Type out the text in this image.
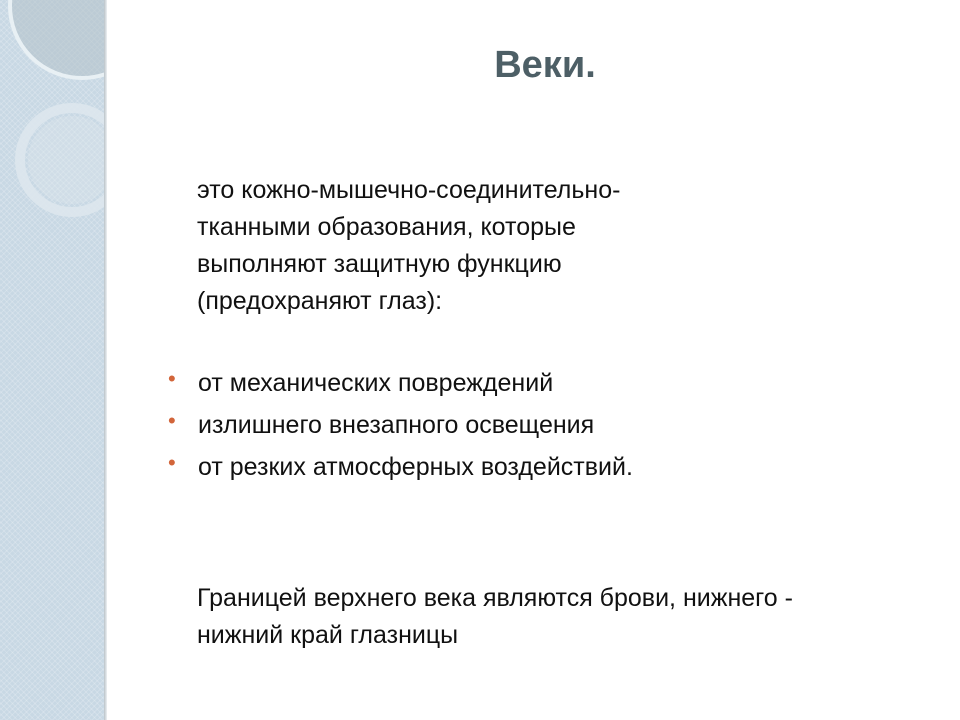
Веки.
это кожно-мышечно-соединительно-
тканными образования, которые
выполняют защитную функцию
(предохраняют глаз):
• от механических повреждений
• излишнего внезапного освещения
• от резких атмосферных воздействий.
Границей верхнего века являются брови, нижнего -
нижний край глазницы
